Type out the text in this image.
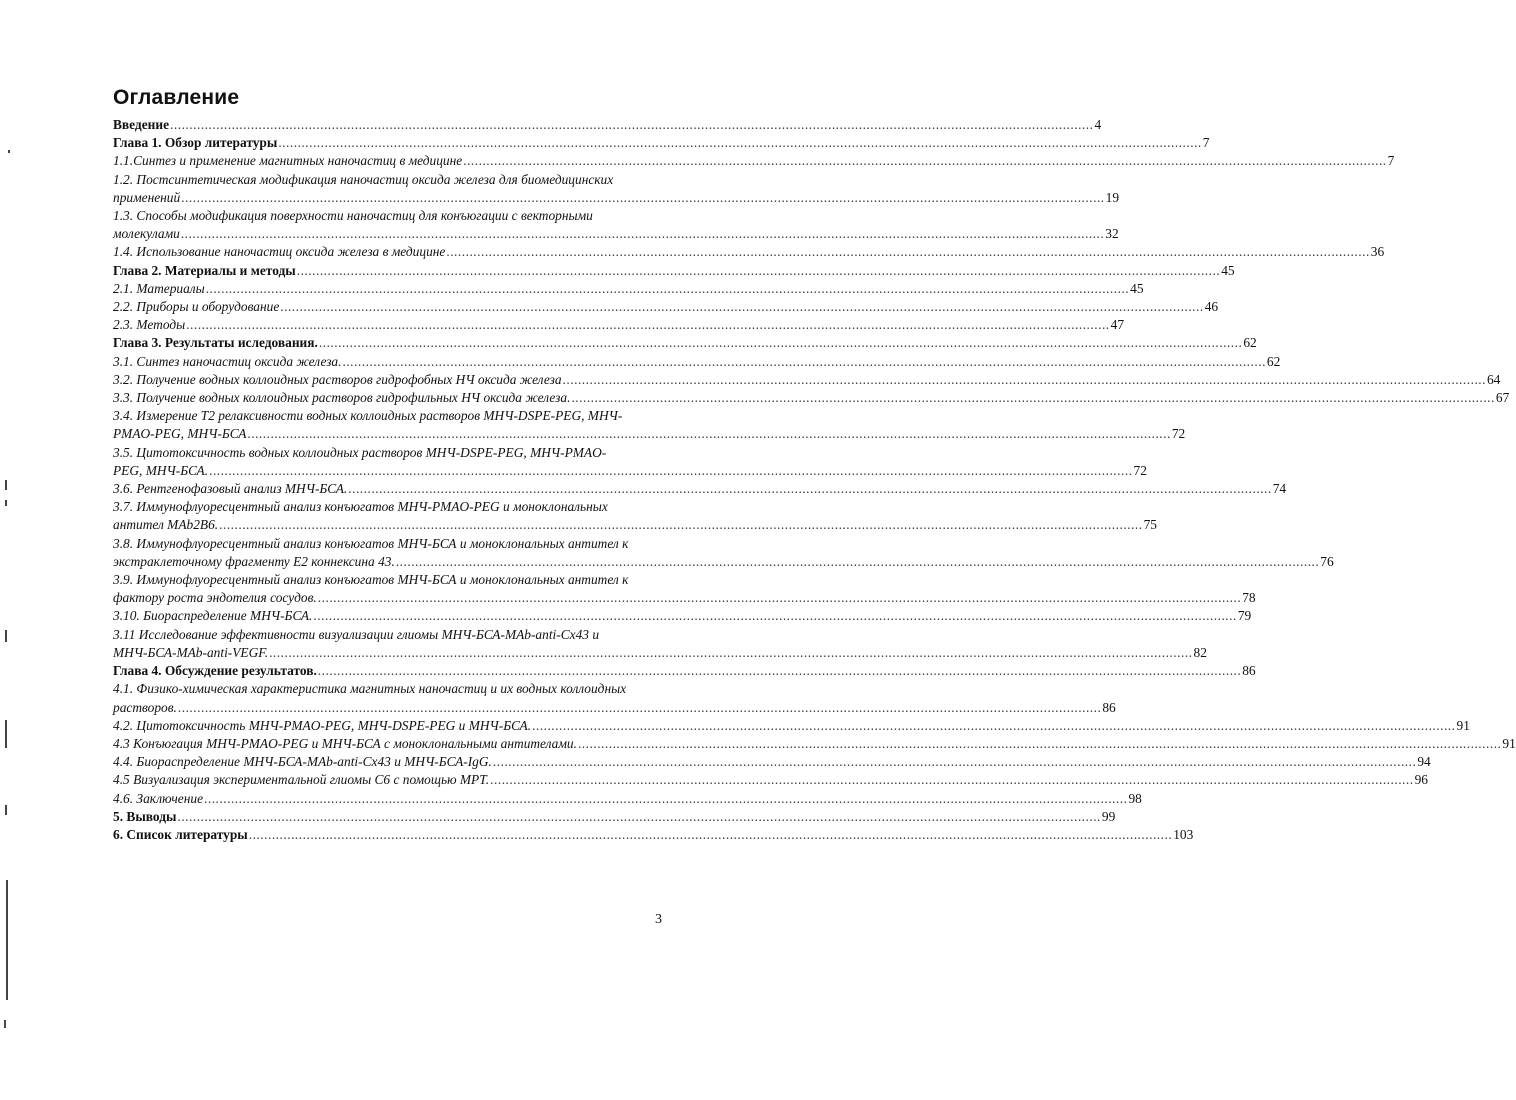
Оглавление
Введение .....	4
Глава 1. Обзор литературы .....	7
1.1.Синтез и применение магнитных наночастиц в медицине .....	7
1.2. Постсинтетическая модификация наночастиц оксида железа для биомедицинских
применений .....	19
1.3. Способы модификация поверхности наночастиц для конъюгации с векторными
молекулами .....	32
1.4. Использование наночастиц оксида железа в медицине .....	36
Глава 2. Материалы и методы .....	45
2.1. Материалы .....	45
2.2. Приборы и оборудование .....	46
2.3. Методы .....	47
Глава 3. Результаты иследования. .....	62
3.1. Синтез наночастиц оксида железа. .....	62
3.2. Получение водных коллоидных растворов гидрофобных НЧ оксида железа .....	64
3.3. Получение водных коллоидных растворов гидрофильных НЧ оксида железа. .....	67
3.4. Измерение Т2 релаксивности водных коллоидных растворов МНЧ-DSPE-PEG, МНЧ-
PMAO-PEG, МНЧ-БСА .....	72
3.5. Цитотоксичность водных коллоидных растворов МНЧ-DSPE-PEG, МНЧ-PMAO-
PEG, МНЧ-БСА. .....	72
3.6. Рентгенофазовый анализ МНЧ-БСА. .....	74
3.7. Иммунофлуоресцентный анализ конъюгатов МНЧ-PMAO-PEG и моноклональных
антител MAb2B6. .....	75
3.8. Иммунофлуоресцентный анализ конъюгатов МНЧ-БСА и моноклональных антител к
экстраклеточному фрагменту Е2 коннексина 43. .....	76
3.9. Иммунофлуоресцентный анализ конъюгатов МНЧ-БСА и моноклональных антител к
фактору роста эндотелия сосудов. .....	78
3.10. Биораспределение МНЧ-БСА. .....	79
3.11 Исследование эффективности визуализации глиомы МНЧ-БСА-MAb-anti-Cx43 и
МНЧ-БСА-MAb-anti-VEGF. .....	82
Глава 4. Обсуждение результатов. .....	86
4.1. Физико-химическая характеристика магнитных наночастиц и их водных коллоидных
растворов. .....	86
4.2. Цитотоксичность МНЧ-PMAO-PEG, МНЧ-DSPE-PEG и МНЧ-БСА. .....	91
4.3 Конъюгация МНЧ-PMAO-PEG и МНЧ-БСА с моноклональными антителами. .....	91
4.4. Биораспределение МНЧ-БСА-MAb-anti-Cx43 и МНЧ-БСА-IgG. .....	94
4.5 Визуализация экспериментальной глиомы С6 с помощью МРТ. .....	96
4.6. Заключение .....	98
5. Выводы .....	99
6. Список литературы .....	103
3
